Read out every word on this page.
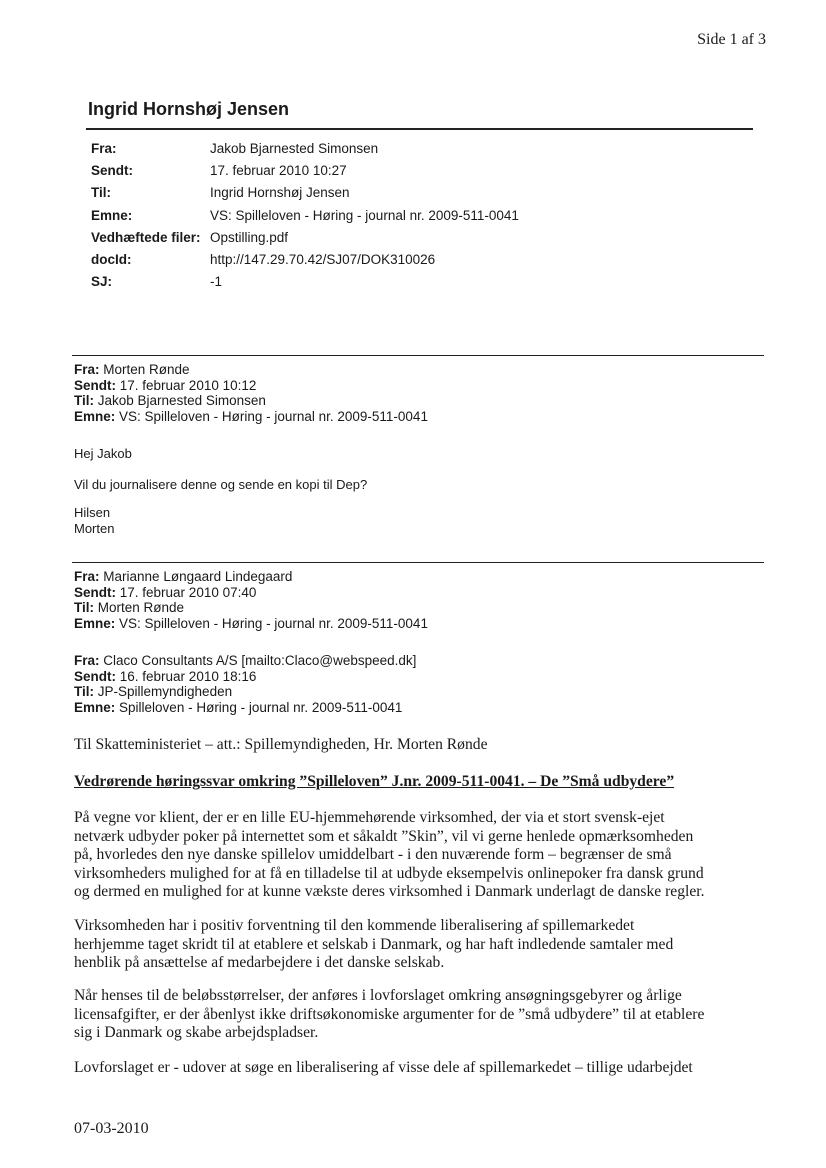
Side 1 af 3
Ingrid Hornshøj Jensen
Fra:	Jakob Bjarnested Simonsen
Sendt:	17. februar 2010 10:27
Til:	Ingrid Hornshøj Jensen
Emne:	VS: Spilleloven - Høring - journal nr. 2009-511-0041
Vedhæftede filer: Opstilling.pdf
docId:	http://147.29.70.42/SJ07/DOK310026
SJ:	-1
Fra: Morten Rønde
Sendt: 17. februar 2010 10:12
Til: Jakob Bjarnested Simonsen
Emne: VS: Spilleloven - Høring - journal nr. 2009-511-0041
Hej Jakob
Vil du journalisere denne og sende en kopi til Dep?
Hilsen
Morten
Fra: Marianne Løngaard Lindegaard
Sendt: 17. februar 2010 07:40
Til: Morten Rønde
Emne: VS: Spilleloven - Høring - journal nr. 2009-511-0041
Fra: Claco Consultants A/S [mailto:Claco@webspeed.dk]
Sendt: 16. februar 2010 18:16
Til: JP-Spillemyndigheden
Emne: Spilleloven - Høring - journal nr. 2009-511-0041
Til Skatteministeriet – att.: Spillemyndigheden, Hr. Morten Rønde
Vedrørende høringssvar omkring ”Spilleloven” J.nr. 2009-511-0041. – De ”Små udbydere”
På vegne vor klient, der er en lille EU-hjemmehørende virksomhed, der via et stort svensk-ejet
netværk udbyder poker på internettet som et såkaldt ”Skin”, vil vi gerne henlede opmærksomheden
på, hvorledes den nye danske spillelov umiddelbart - i den nuværende form – begrænser de små
virksomheders mulighed for at få en tilladelse til at udbyde eksempelvis onlinepoker fra dansk grund
og dermed en mulighed for at kunne vækste deres virksomhed i Danmark underlagt de danske regler.
Virksomheden har i positiv forventning til den kommende liberalisering af spillemarkedet
herhjemme taget skridt til at etablere et selskab i Danmark, og har haft indledende samtaler med
henblik på ansættelse af medarbejdere i det danske selskab.
Når henses til de beløbsstørrelser, der anføres i lovforslaget omkring ansøgningsgebyrer og årlige
licensafgifter, er der åbenlyst ikke driftsøkonomiske argumenter for de ”små udbydere” til at etablere
sig i Danmark og skabe arbejdspladser.
Lovforslaget er - udover at søge en liberalisering af visse dele af spillemarkedet – tillige udarbejdet
07-03-2010
